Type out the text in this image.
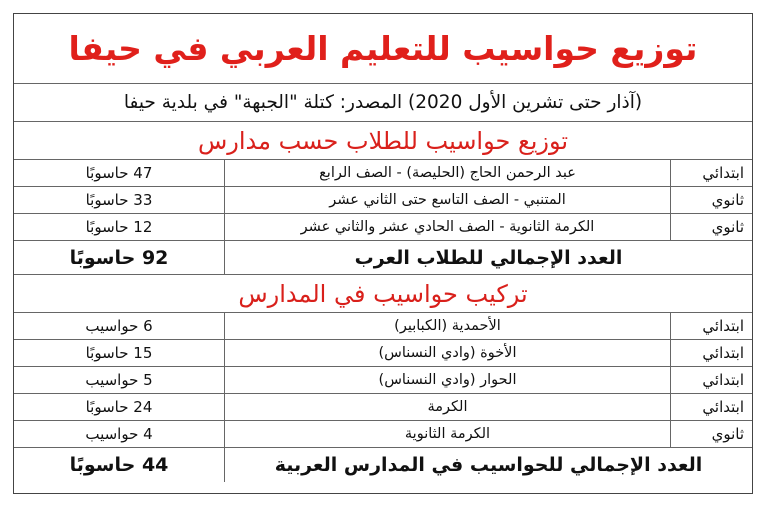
توزيع حواسيب للتعليم العربي في حيفا
(آذار حتى تشرين الأول 2020) المصدر: كتلة "الجبهة" في بلدية حيفا
توزيع حواسيب للطلاب حسب مدارس
ابتدائي
عبد الرحمن الحاج (الحليصة) - الصف الرابع
47 حاسوبًا
ثانوي
المتنبي - الصف التاسع حتى الثاني عشر
33 حاسوبًا
ثانوي
الكرمة الثانوية - الصف الحادي عشر والثاني عشر
12 حاسوبًا
العدد الإجمالي للطلاب العرب
92 حاسوبًا
تركيب حواسيب في المدارس
ابتدائي
الأحمدية (الكبابير)
6 حواسيب
ابتدائي
الأخوة (وادي النسناس)
15 حاسوبًا
ابتدائي
الحوار (وادي النسناس)
5 حواسيب
ابتدائي
الكرمة
24 حاسوبًا
ثانوي
الكرمة الثانوية
4 حواسيب
العدد الإجمالي للحواسيب في المدارس العربية
44 حاسوبًا
